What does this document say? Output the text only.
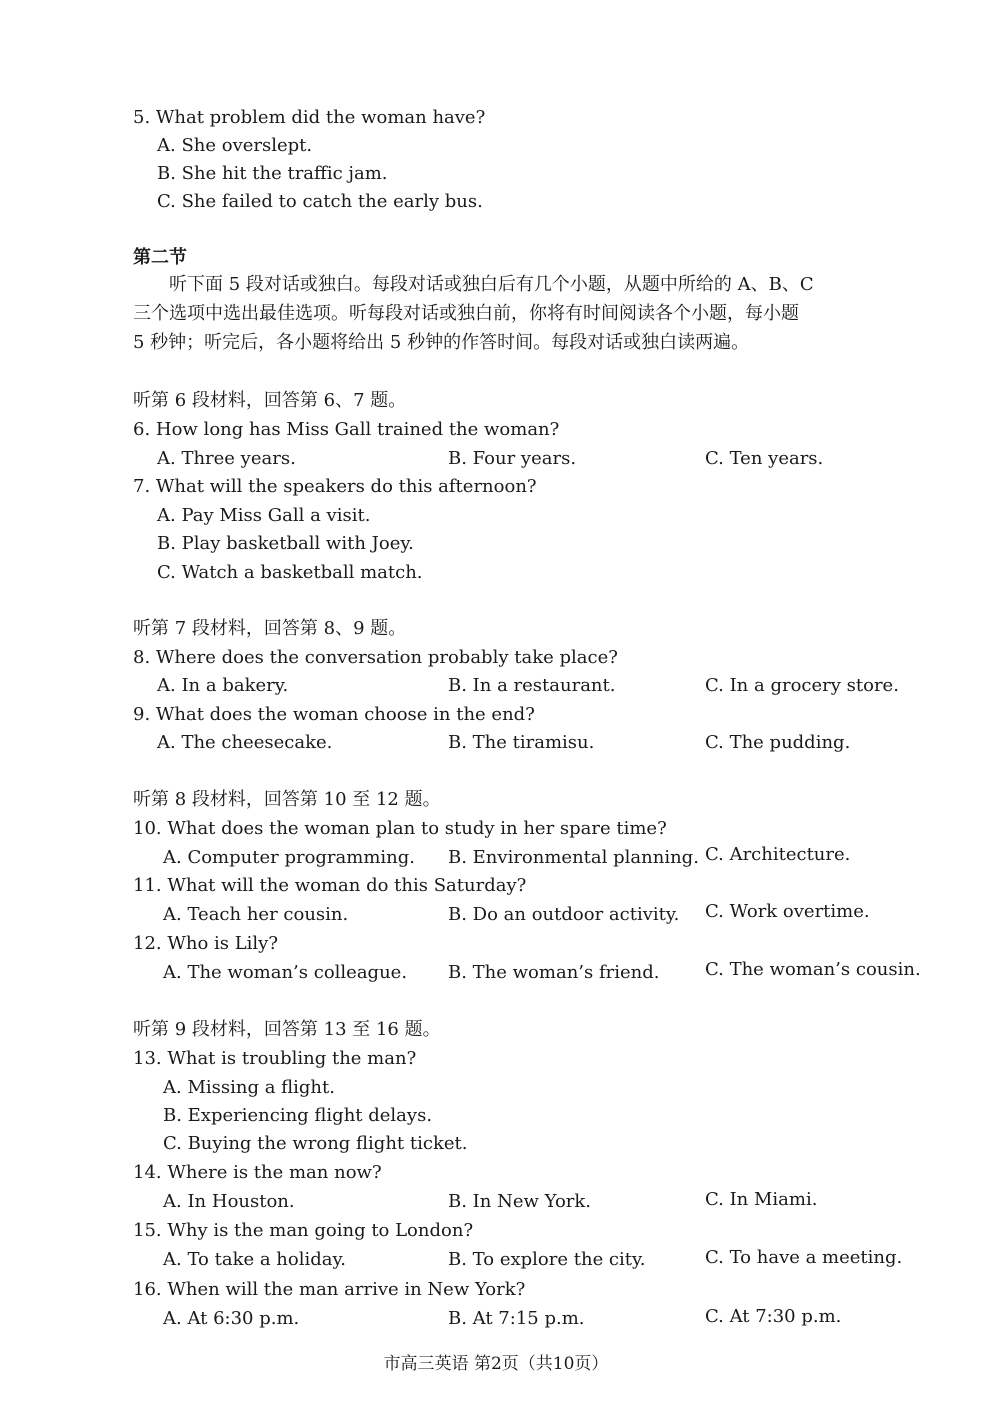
5. What problem did the woman have?
A. She overslept.
B. She hit the traffic jam.
C. She failed to catch the early bus.
第二节
听下面 5 段对话或独白。每段对话或独白后有几个小题，从题中所给的 A、B、C
三个选项中选出最佳选项。听每段对话或独白前，你将有时间阅读各个小题，每小题
5 秒钟；听完后，各小题将给出 5 秒钟的作答时间。每段对话或独白读两遍。
听第 6 段材料，回答第 6、7 题。
6. How long has Miss Gall trained the woman?
A. Three years.	B. Four years.	C. Ten years.
7. What will the speakers do this afternoon?
A. Pay Miss Gall a visit.
B. Play basketball with Joey.
C. Watch a basketball match.
听第 7 段材料，回答第 8、9 题。
8. Where does the conversation probably take place?
A. In a bakery.	B. In a restaurant.	C. In a grocery store.
9. What does the woman choose in the end?
A. The cheesecake.	B. The tiramisu.	C. The pudding.
听第 8 段材料，回答第 10 至 12 题。
10. What does the woman plan to study in her spare time?
A. Computer programming. B. Environmental planning. C. Architecture.
11. What will the woman do this Saturday?
A. Teach her cousin.	B. Do an outdoor activity. C. Work overtime.
12. Who is Lily?
A. The woman’s colleague. B. The woman’s friend.	C. The woman’s cousin.
听第 9 段材料，回答第 13 至 16 题。
13. What is troubling the man?
A. Missing a flight.
B. Experiencing flight delays.
C. Buying the wrong flight ticket.
14. Where is the man now?
A. In Houston.	B. In New York.	C. In Miami.
15. Why is the man going to London?
A. To take a holiday.	B. To explore the city.	C. To have a meeting.
16. When will the man arrive in New York?
A. At 6:30 p.m.	B. At 7:15 p.m.	C. At 7:30 p.m.
市高三英语 第2页（共10页）
